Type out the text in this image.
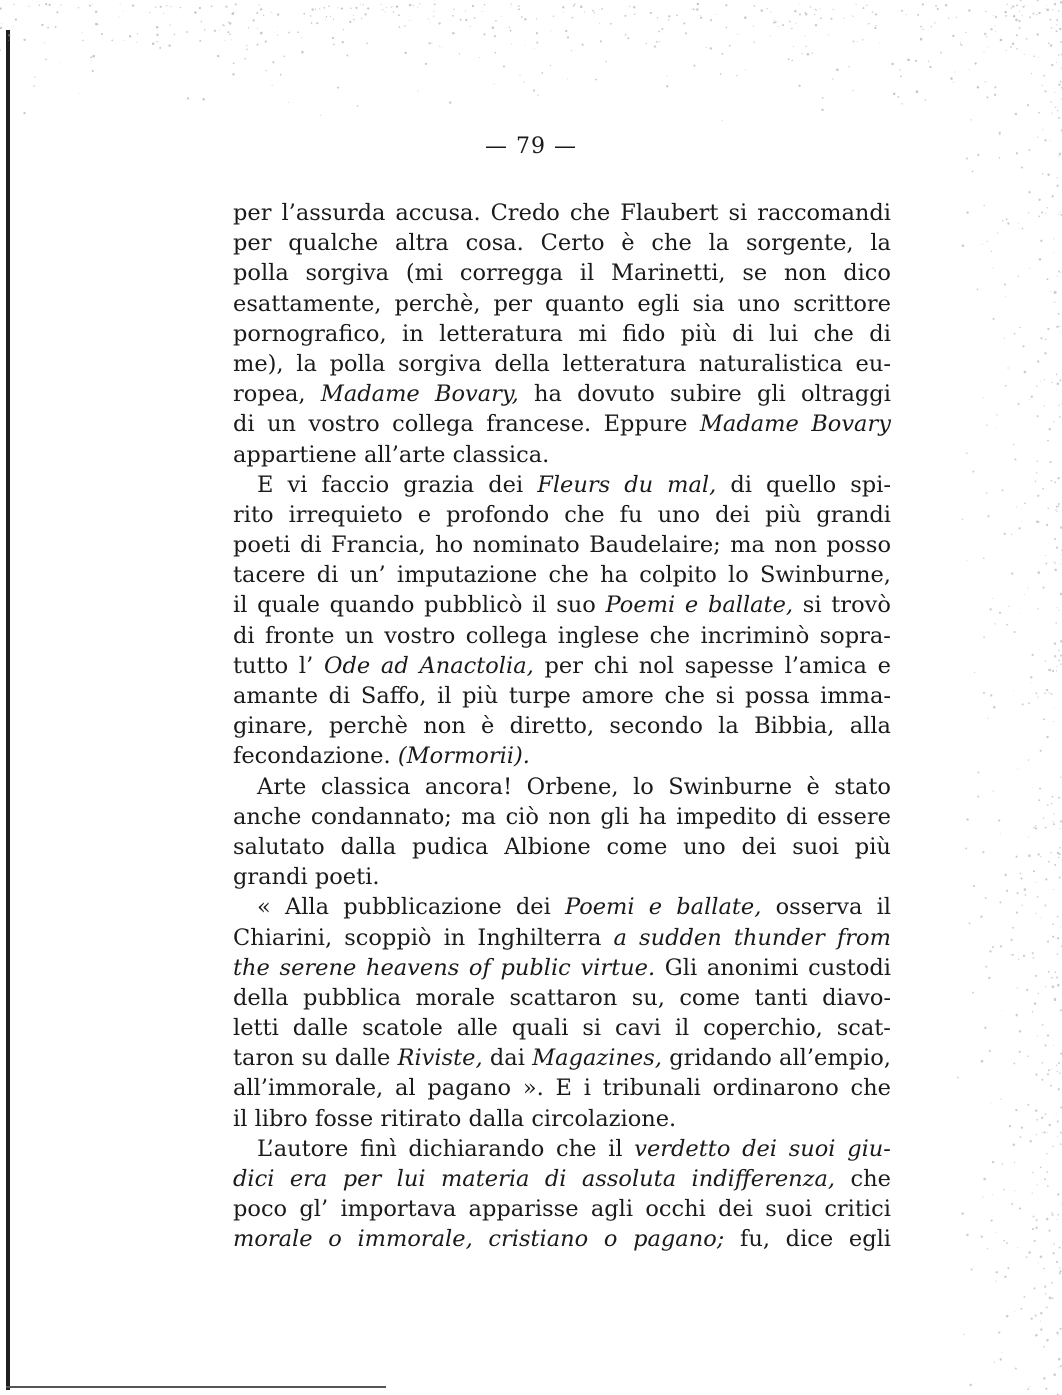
— 79 —
per l’assurda accusa. Credo che Flaubert si raccomandi
per qualche altra cosa. Certo è che la sorgente, la
polla sorgiva (mi corregga il Marinetti, se non dico
esattamente, perchè, per quanto egli sia uno scrittore
pornografico, in letteratura mi fido più di lui che di
me), la polla sorgiva della letteratura naturalistica eu-
ropea, Madame Bovary, ha dovuto subire gli oltraggi
di un vostro collega francese. Eppure Madame Bovary
appartiene all’arte classica.
E vi faccio grazia dei Fleurs du mal, di quello spi-
rito irrequieto e profondo che fu uno dei più grandi
poeti di Francia, ho nominato Baudelaire; ma non posso
tacere di un’ imputazione che ha colpito lo Swinburne,
il quale quando pubblicò il suo Poemi e ballate, si trovò
di fronte un vostro collega inglese che incriminò sopra-
tutto l’ Ode ad Anactolia, per chi nol sapesse l’amica e
amante di Saffo, il più turpe amore che si possa imma-
ginare, perchè non è diretto, secondo la Bibbia, alla
fecondazione. (Mormorii).
Arte classica ancora! Orbene, lo Swinburne è stato
anche condannato; ma ciò non gli ha impedito di essere
salutato dalla pudica Albione come uno dei suoi più
grandi poeti.
« Alla pubblicazione dei Poemi e ballate, osserva il
Chiarini, scoppiò in Inghilterra a sudden thunder from
the serene heavens of public virtue. Gli anonimi custodi
della pubblica morale scattaron su, come tanti diavo-
letti dalle scatole alle quali si cavi il coperchio, scat-
taron su dalle Riviste, dai Magazines, gridando all’empio,
all’immorale, al pagano ». E i tribunali ordinarono che
il libro fosse ritirato dalla circolazione.
L’autore finì dichiarando che il verdetto dei suoi giu-
dici era per lui materia di assoluta indifferenza, che
poco gl’ importava apparisse agli occhi dei suoi critici
morale o immorale, cristiano o pagano; fu, dice egli
